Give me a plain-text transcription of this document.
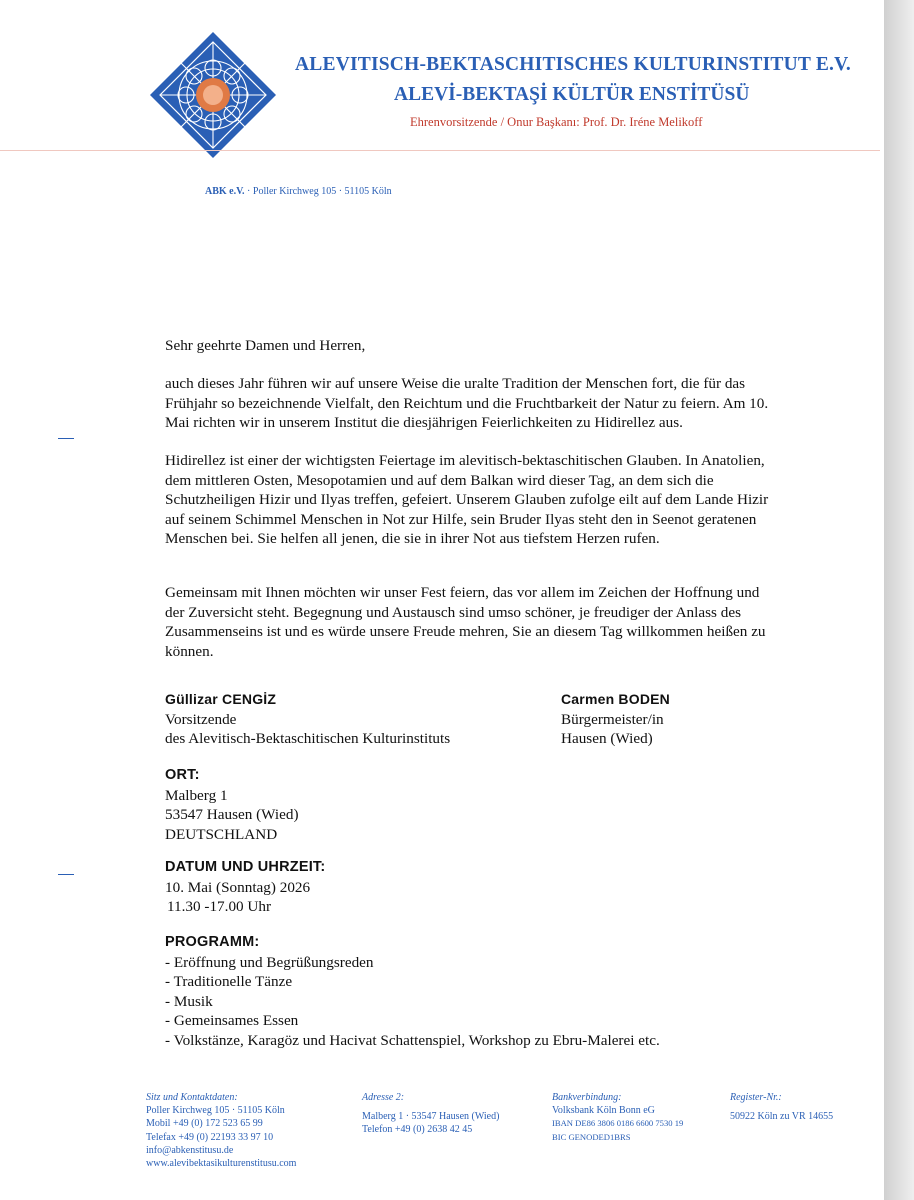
ALEVITISCH-BEKTASCHITISCHES KULTURINSTITUT E.V.
ALEVİ-BEKTAŞİ KÜLTÜR ENSTİTÜSÜ
Ehrenvorsitzende / Onur Başkanı: Prof. Dr. Iréne Melikoff
ABK e.V. · Poller Kirchweg 105 · 51105 Köln
Sehr geehrte Damen und Herren,

auch dieses Jahr führen wir auf unsere Weise die uralte Tradition der Menschen fort, die für das Frühjahr so bezeichnende Vielfalt, den Reichtum und die Fruchtbarkeit der Natur zu feiern. Am 10. Mai richten wir in unserem Institut die diesjährigen Feierlichkeiten zu Hidirellez aus.

Hidirellez ist einer der wichtigsten Feiertage im alevitisch-bektaschitischen Glauben. In Anatolien, dem mittleren Osten, Mesopotamien und auf dem Balkan wird dieser Tag, an dem sich die Schutzheiligen Hizir und Ilyas treffen, gefeiert. Unserem Glauben zufolge eilt auf dem Lande Hizir auf seinem Schimmel Menschen in Not zur Hilfe, sein Bruder Ilyas steht den in Seenot geratenen Menschen bei. Sie helfen all jenen, die sie in ihrer Not aus tiefstem Herzen rufen.

Gemeinsam mit Ihnen möchten wir unser Fest feiern, das vor allem im Zeichen der Hoffnung und der Zuversicht steht. Begegnung und Austausch sind umso schöner, je freudiger der Anlass des Zusammenseins ist und es würde unsere Freude mehren, Sie an diesem Tag willkommen heißen zu können.

Güllizar CENGİZ
Vorsitzende
des Alevitisch-Bektaschitischen Kulturinstituts
Carmen BODEN
Bürgermeister/in
Hausen (Wied)
ORT:
Malberg 1
53547 Hausen (Wied)
DEUTSCHLAND
DATUM UND UHRZEIT:
10. Mai (Sonntag) 2026
11.30 -17.00 Uhr
PROGRAMM:
- Eröffnung und Begrüßungsreden
- Traditionelle Tänze
- Musik
- Gemeinsames Essen
- Volkstänze, Karagöz und Hacivat Schattenspiel, Workshop zu Ebru-Malerei etc.
Sitz und Kontaktdaten:
Poller Kirchweg 105 · 51105 Köln
Mobil +49 (0) 172 523 65 99
Telefax +49 (0) 22193 33 97 10
info@abkenstitusu.de
www.alevibektasikulturenstitusu.com
Adresse 2:
Malberg 1 · 53547 Hausen (Wied)
Telefon +49 (0) 2638 42 45
Bankverbindung:
Volksbank Köln Bonn eG
IBAN DE86 3806 0186 6600 7530 19
BIC GENODED1BRS
Register-Nr.:
50922 Köln zu VR 14655
